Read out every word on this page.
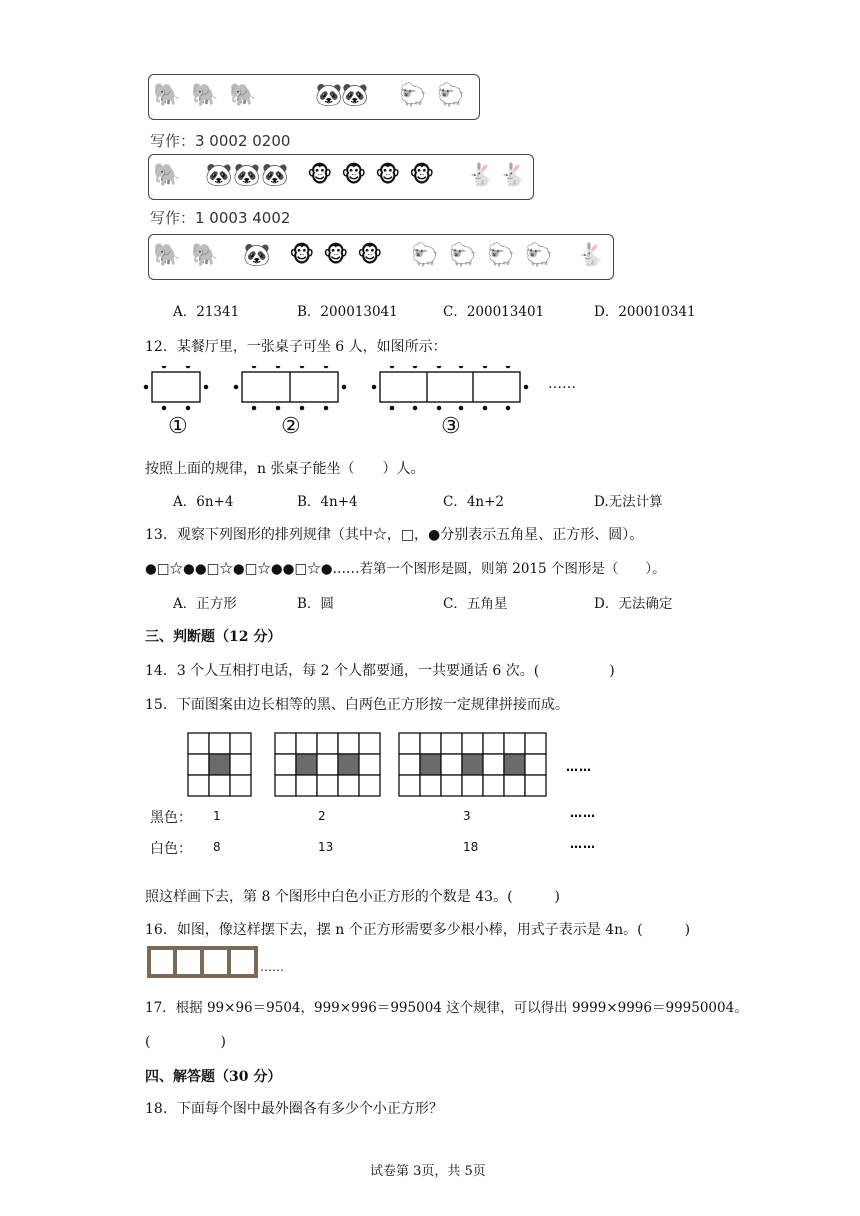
🐘 🐘 🐘	🐼
🐼 🐑 🐑
写作：3 0002 0200
🐘 🐼 🐼 🐼 🐵 🐵 🐵 🐵 🐇 🐇
写作：1 0003 4002
🐘 🐘 🐼 🐵 🐵 🐵 🐑 🐑 🐑 🐑 🐇
A．21341	B．200013041	C．200013401	D．200010341
12．某餐厅里，一张桌子可坐 6 人，如图所示：
……
①	②	③
按照上面的规律，n 张桌子能坐（　　）人。
A．6n+4	B．4n+4	C．4n+2	D.无法计算
13．观察下列图形的排列规律（其中☆，□，●分别表示五角星、正方形、圆）。
●□☆●●□☆●□☆●●□☆●……若第一个图形是圆，则第 2015 个图形是（　　）。
A．正方形	B．圆	C．五角星	D．无法确定
三、判断题（12 分）
14．3 个人互相打电话，每 2 个人都要通，一共要通话 6 次。(　　　　　)
15．下面图案由边长相等的黑、白两色正方形按一定规律拼接而成。
……
黑色： 1	2	3	……
白色： 8	13	18	……
照这样画下去，第 8 个图形中白色小正方形的个数是 43。(　　　)
16．如图，像这样摆下去，摆 n 个正方形需要多少根小棒，用式子表示是 4n。(　　　)
……
17．根据 99×96＝9504，999×996＝995004 这个规律，可以得出 9999×9996＝99950004。
(　　　　　)
四、解答题（30 分）
18．下面每个图中最外圈各有多少个小正方形？
试卷第 3页，共 5页
